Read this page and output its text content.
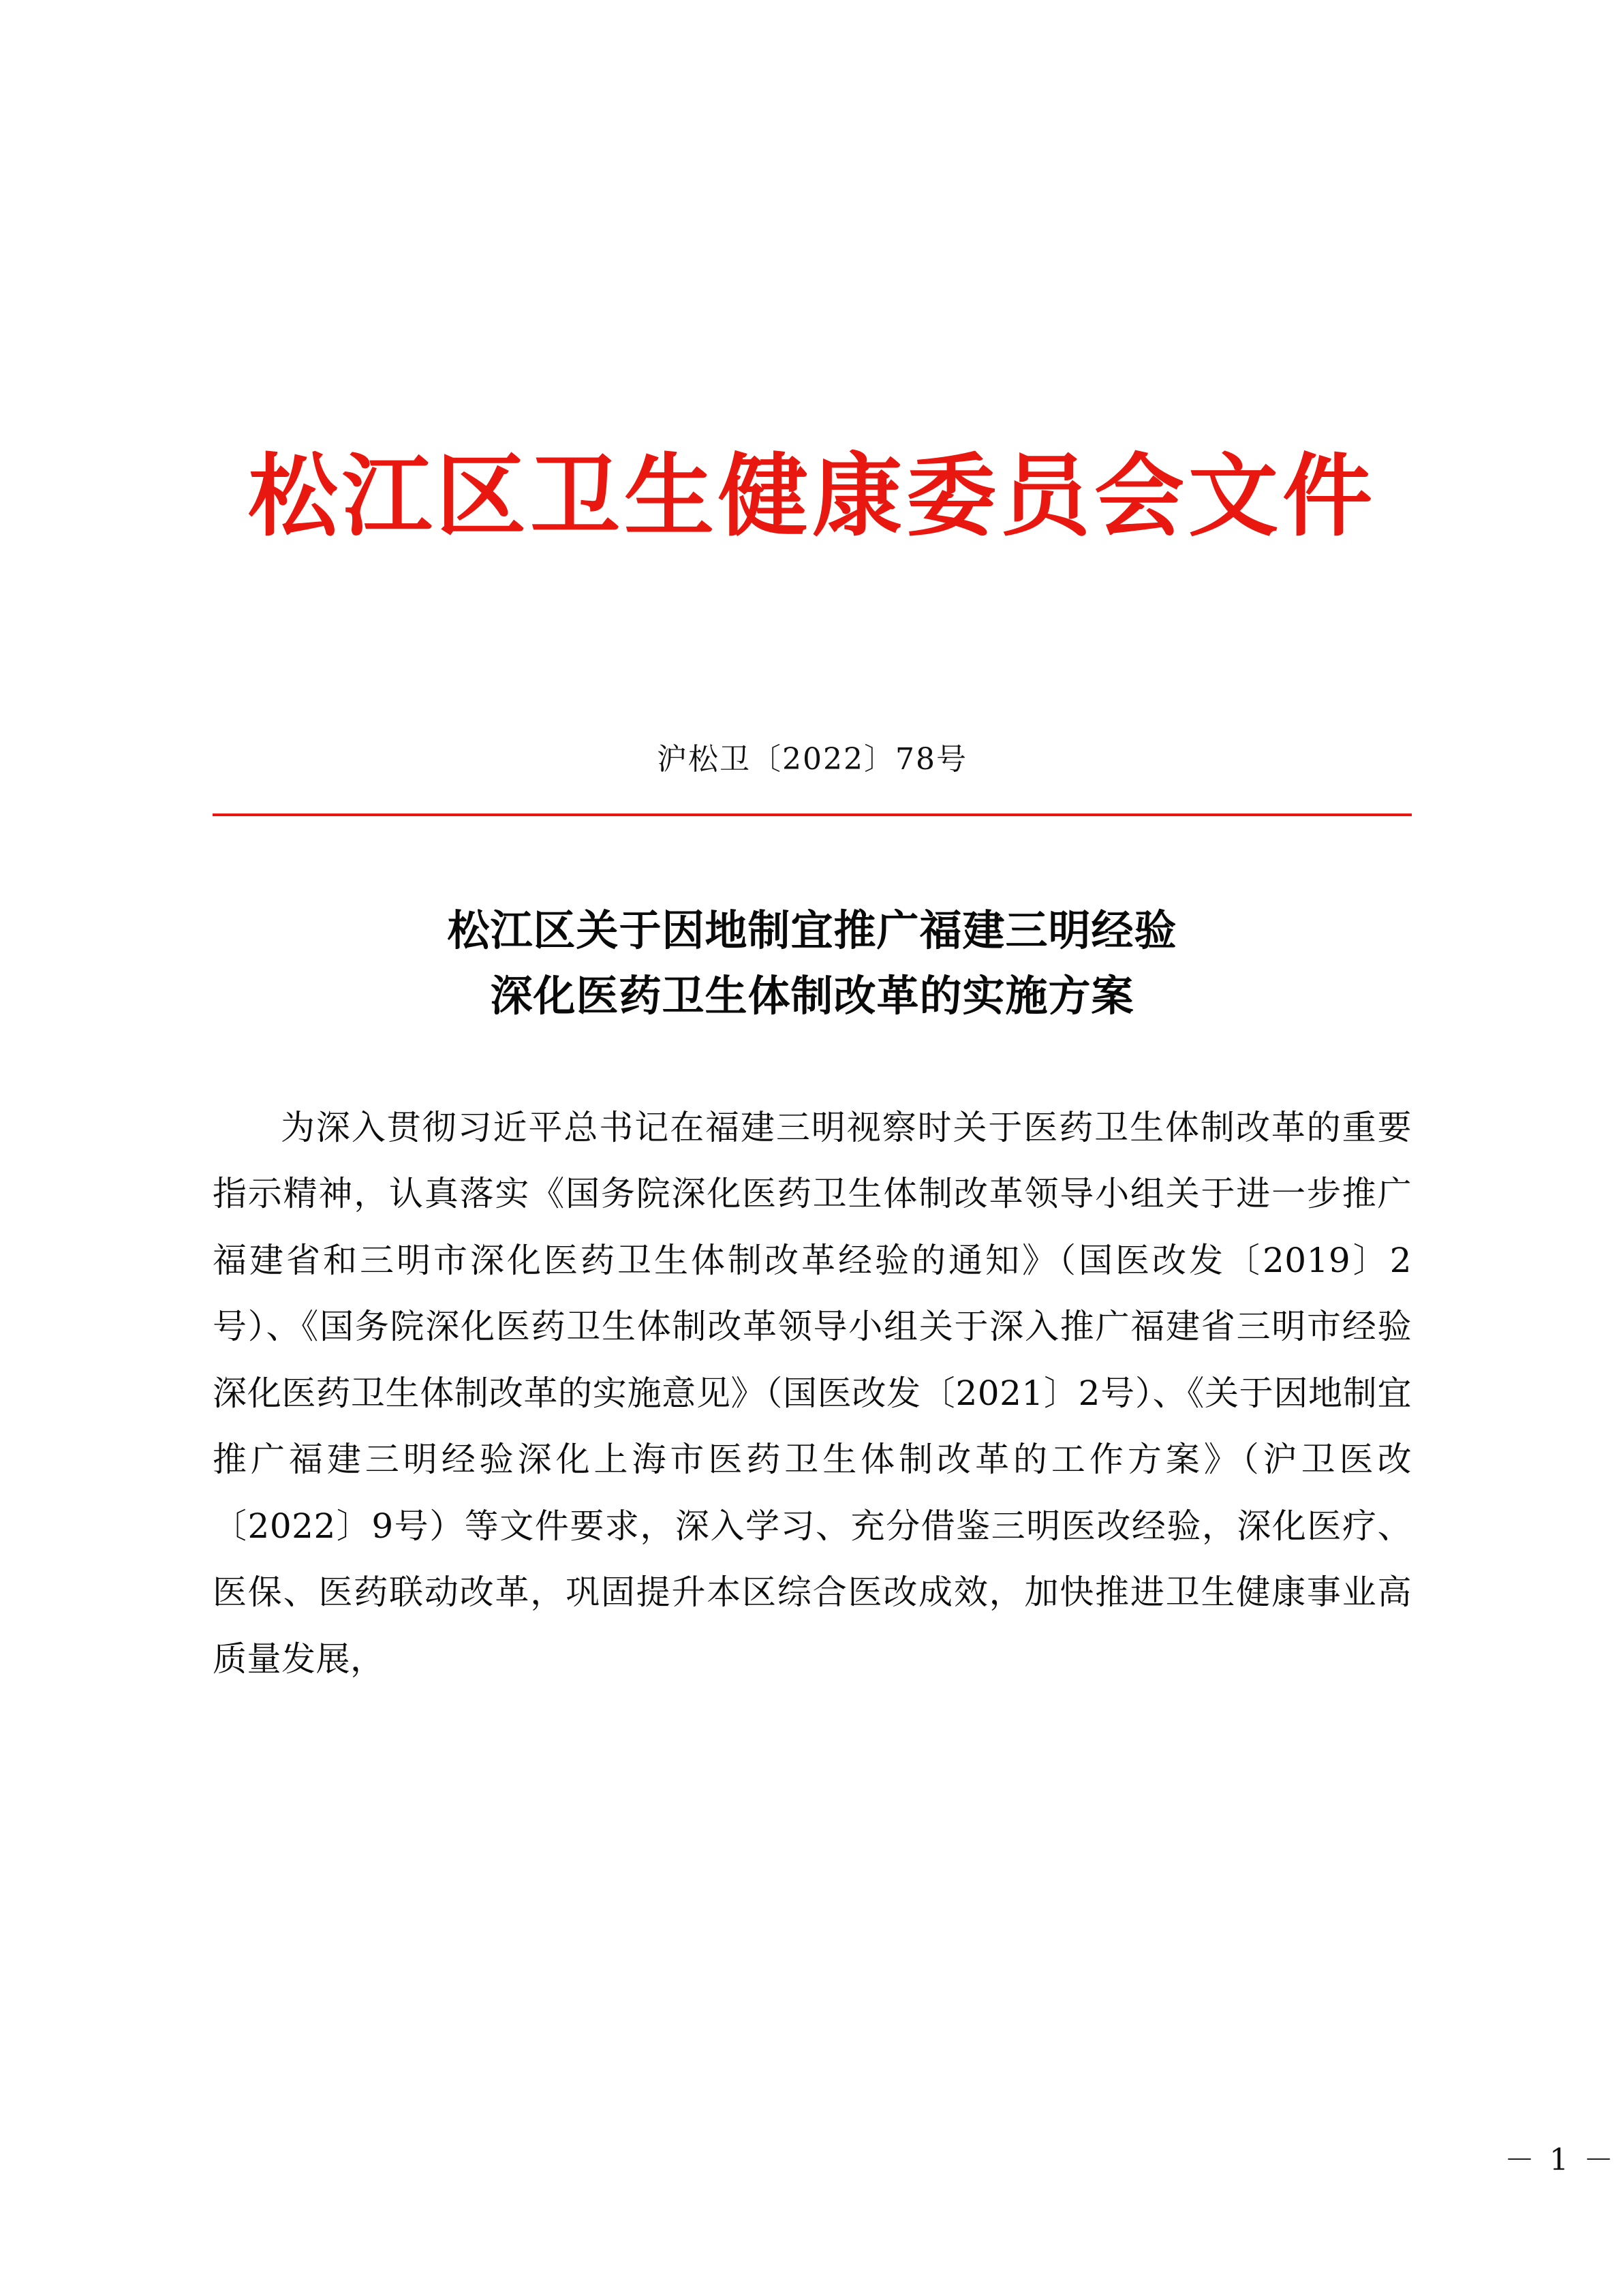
松江区卫生健康委员会文件
沪松卫〔2022〕78号
松江区关于因地制宜推广福建三明经验
深化医药卫生体制改革的实施方案

为深入贯彻习近平总书记在福建三明视察时关于医药卫生体制改革的重要指示精神，认真落实《国务院深化医药卫生体制改革领导小组关于进一步推广福建省和三明市深化医药卫生体制改革经验的通知》（国医改发〔2019〕2号）、《国务院深化医药卫生体制改革领导小组关于深入推广福建省三明市经验深化医药卫生体制改革的实施意见》（国医改发〔2021〕2号）、《关于因地制宜推广福建三明经验深化上海市医药卫生体制改革的工作方案》（沪卫医改〔2022〕9号）等文件要求，深入学习、充分借鉴三明医改经验，深化医疗、医保、医药联动改革，巩固提升本区综合医改成效，加快推进卫生健康事业高质量发展，

－ 1 －
